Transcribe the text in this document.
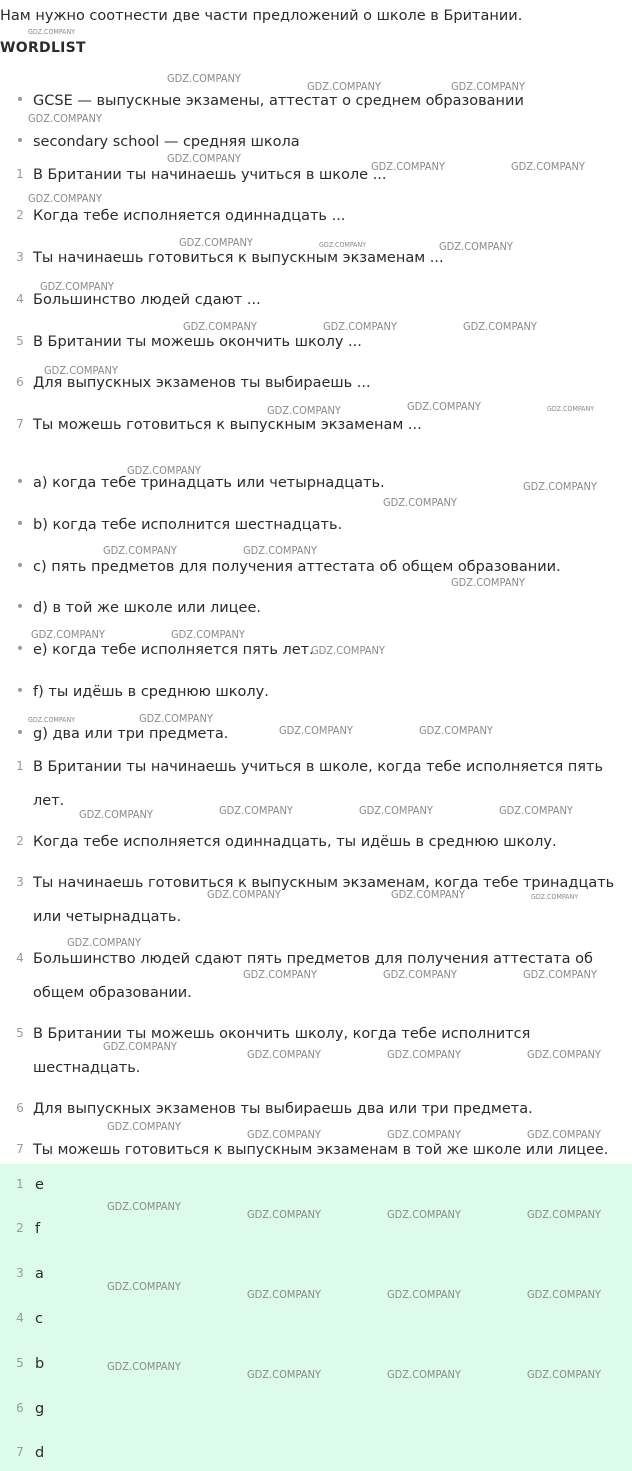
Нам нужно соотнести две части предложений о школе в Британии.
WORDLIST
• GCSE — выпускные экзамены, аттестат о среднем образовании
• secondary school — средняя школа
1 В Британии ты начинаешь учиться в школе ...
2 Когда тебе исполняется одиннадцать ...
3 Ты начинаешь готовиться к выпускным экзаменам ...
4 Большинство людей сдают ...
5 В Британии ты можешь окончить школу ...
6 Для выпускных экзаменов ты выбираешь ...
7 Ты можешь готовиться к выпускным экзаменам ...
• a) когда тебе тринадцать или четырнадцать.
• b) когда тебе исполнится шестнадцать.
• c) пять предметов для получения аттестата об общем образовании.
• d) в той же школе или лицее.
• e) когда тебе исполняется пять лет.
• f) ты идёшь в среднюю школу.
• g) два или три предмета.
1 В Британии ты начинаешь учиться в школе, когда тебе исполняется пять лет.
2 Когда тебе исполняется одиннадцать, ты идёшь в среднюю школу.
3 Ты начинаешь готовиться к выпускным экзаменам, когда тебе тринадцать или четырнадцать.
4 Большинство людей сдают пять предметов для получения аттестата об общем образовании.
5 В Британии ты можешь окончить школу, когда тебе исполнится шестнадцать.
6 Для выпускных экзаменов ты выбираешь два или три предмета.
7 Ты можешь готовиться к выпускным экзаменам в той же школе или лицее.
1 e
2 f
3 a
4 c
5 b
6 g
7 d
GDZ.COMPANY
GDZ.COMPANY
GDZ.COMPANY	GDZ.COMPANY
GDZ.COMPANY
GDZ.COMPANY
GDZ.COMPANY	GDZ.COMPANY
GDZ.COMPANY
GDZ.COMPANY	GDZ.COMPANY	GDZ.COMPANY
GDZ.COMPANY
GDZ.COMPANY	GDZ.COMPANY	GDZ.COMPANY
GDZ.COMPANY
GDZ.COMPANY	GDZ.COMPANY	GDZ.COMPANY
GDZ.COMPANY
GDZ.COMPANY
GDZ.COMPANY
GDZ.COMPANY	GDZ.COMPANY
GDZ.COMPANY
GDZ.COMPANY	GDZ.COMPANY
GDZ.COMPANY
GDZ.COMPANY	GDZ.COMPANY
GDZ.COMPANY	GDZ.COMPANY
GDZ.COMPANY	GDZ.COMPANY	GDZ.COMPANY	GDZ.COMPANY
GDZ.COMPANY	GDZ.COMPANY	GDZ.COMPANY
GDZ.COMPANY
GDZ.COMPANY	GDZ.COMPANY	GDZ.COMPANY
GDZ.COMPANY
GDZ.COMPANY	GDZ.COMPANY	GDZ.COMPANY
GDZ.COMPANY
GDZ.COMPANY	GDZ.COMPANY	GDZ.COMPANY
GDZ.COMPANY
GDZ.COMPANY	GDZ.COMPANY	GDZ.COMPANY
GDZ.COMPANY
GDZ.COMPANY	GDZ.COMPANY	GDZ.COMPANY
GDZ.COMPANY
GDZ.COMPANY	GDZ.COMPANY	GDZ.COMPANY
